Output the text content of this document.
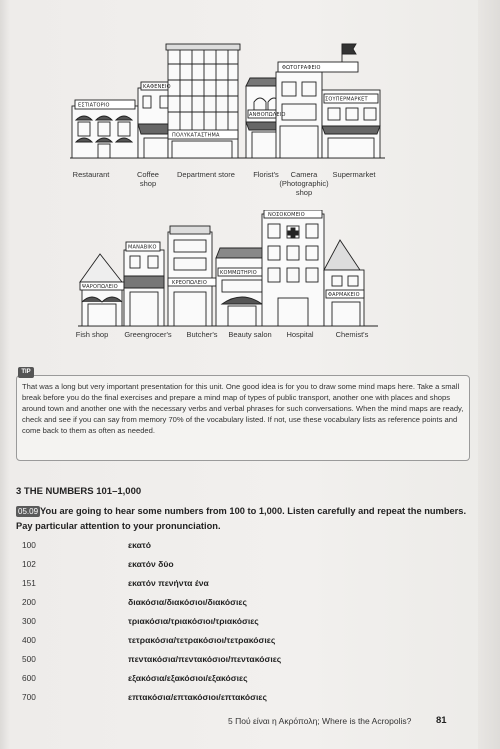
ΕΣΤΙΑΤΟΡΙΟ
ΚΑΦΕΝΕΙΟ
ΠΟΛΥΚΑΤΑΣΤΗΜΑ
ΑΝΘΟΠΩΛΕΙΟ
ΦΩΤΟΓΡΑΦΕΙΟ
ΣΟΥΠΕΡΜΑΡΚΕΤ
Restaurant	Coffee
shop
Department store	Florist's	Camera
(Photographic)
shop
Supermarket
ΨΑΡΟΠΩΛΕΙΟ
ΜΑΝΑΒΙΚΟ
ΚΡΕΟΠΩΛΕΙΟ
ΚΟΜΜΩΤΗΡΙΟ
ΝΟΣΟΚΟΜΕΙΟ
ΦΑΡΜΑΚΕΙΟ
Fish shop	Greengrocer's	Butcher's	Beauty salon	Hospital	Chemist's
TIP
That was a long but very important presentation for this unit. One good idea is for you to draw some mind maps here. Take a small break before you do the final exercises and prepare a mind map of types of public transport, another one with places and shops around town and another one with the necessary verbs and verbal phrases for such conversations. When the mind maps are ready, check and see if you can say from memory 70% of the vocabulary listed. If not, use these vocabulary lists as reference points and come back to them as often as needed.
3 THE NUMBERS 101–1,000
You are going to hear some numbers from 100 to 1,000. Listen carefully and repeat the numbers. Pay particular attention to your pronunciation.
05.09
100	εκατό
102	εκατόν δύο
151	εκατόν πενήντα ένα
200	διακόσια/διακόσιοι/διακόσιες
300	τριακόσια/τριακόσιοι/τριακόσιες
400	τετρακόσια/τετρακόσιοι/τετρακόσιες
500	πεντακόσια/πεντακόσιοι/πεντακόσιες
600	εξακόσια/εξακόσιοι/εξακόσιες
700	επτακόσια/επτακόσιοι/επτακόσιες
5 Πού είναι η Ακρόπολη; Where is the Acropolis?	81
